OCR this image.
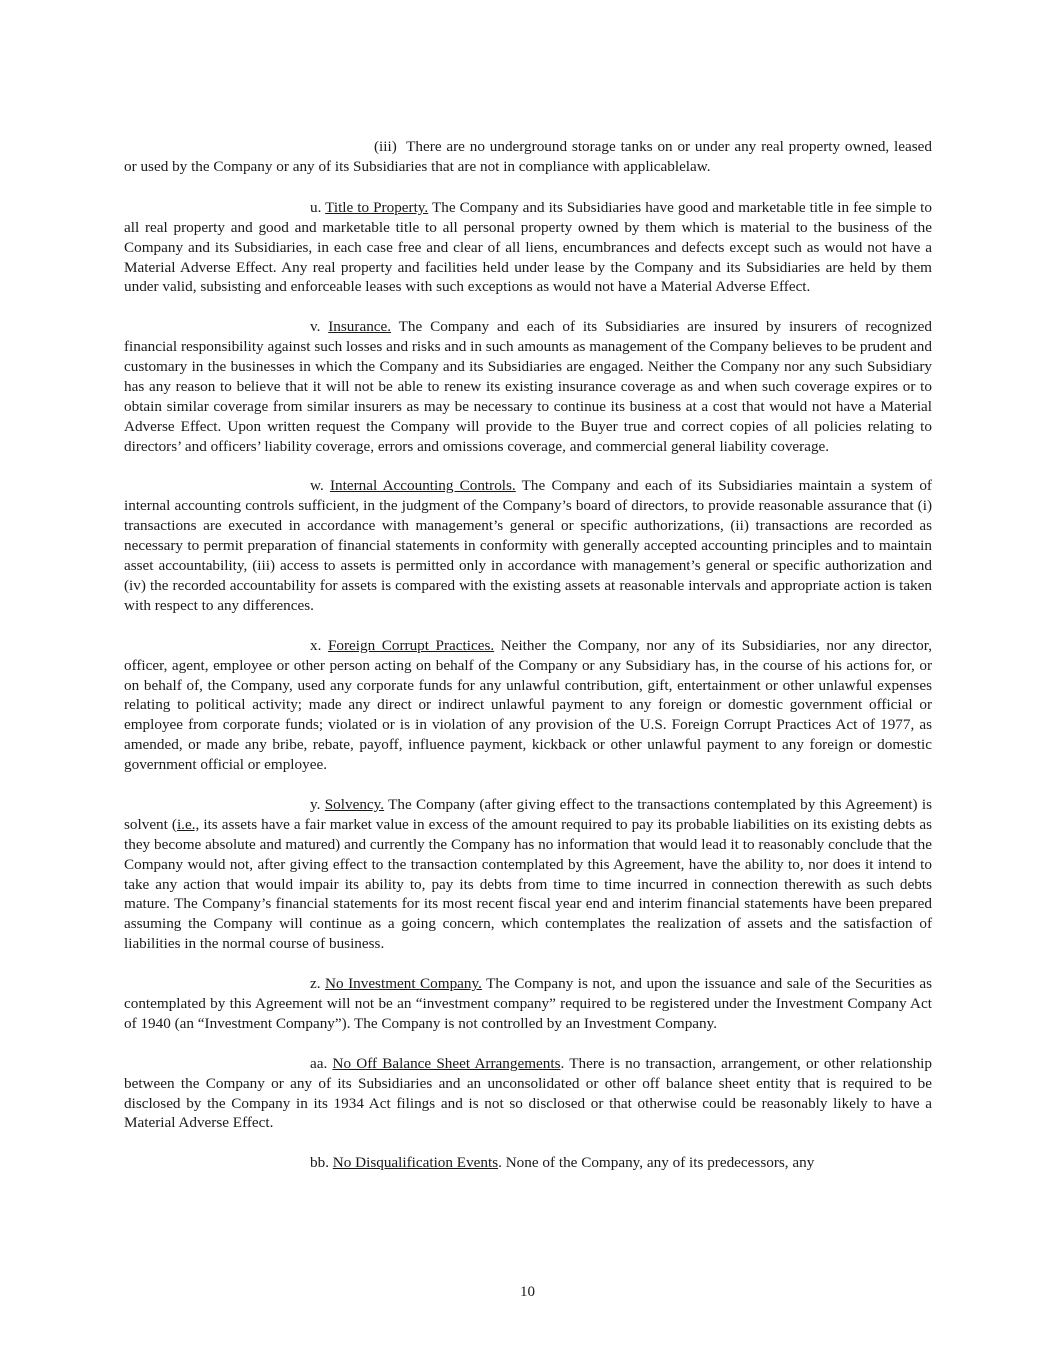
(iii) There are no underground storage tanks on or under any real property owned, leased or used by the Company or any of its Subsidiaries that are not in compliance with applicablelaw.

u. Title to Property. The Company and its Subsidiaries have good and marketable title in fee simple to all real property and good and marketable title to all personal property owned by them which is material to the business of the Company and its Subsidiaries, in each case free and clear of all liens, encumbrances and defects except such as would not have a Material Adverse Effect. Any real property and facilities held under lease by the Company and its Subsidiaries are held by them under valid, subsisting and enforceable leases with such exceptions as would not have a Material Adverse Effect.

v. Insurance. The Company and each of its Subsidiaries are insured by insurers of recognized financial responsibility against such losses and risks and in such amounts as management of the Company believes to be prudent and customary in the businesses in which the Company and its Subsidiaries are engaged. Neither the Company nor any such Subsidiary has any reason to believe that it will not be able to renew its existing insurance coverage as and when such coverage expires or to obtain similar coverage from similar insurers as may be necessary to continue its business at a cost that would not have a Material Adverse Effect. Upon written request the Company will provide to the Buyer true and correct copies of all policies relating to directors’ and officers’ liability coverage, errors and omissions coverage, and commercial general liability coverage.

w. Internal Accounting Controls. The Company and each of its Subsidiaries maintain a system of internal accounting controls sufficient, in the judgment of the Company’s board of directors, to provide reasonable assurance that (i) transactions are executed in accordance with management’s general or specific authorizations, (ii) transactions are recorded as necessary to permit preparation of financial statements in conformity with generally accepted accounting principles and to maintain asset accountability, (iii) access to assets is permitted only in accordance with management’s general or specific authorization and (iv) the recorded accountability for assets is compared with the existing assets at reasonable intervals and appropriate action is taken with respect to any differences.

x. Foreign Corrupt Practices. Neither the Company, nor any of its Subsidiaries, nor any director, officer, agent, employee or other person acting on behalf of the Company or any Subsidiary has, in the course of his actions for, or on behalf of, the Company, used any corporate funds for any unlawful contribution, gift, entertainment or other unlawful expenses relating to political activity; made any direct or indirect unlawful payment to any foreign or domestic government official or employee from corporate funds; violated or is in violation of any provision of the U.S. Foreign Corrupt Practices Act of 1977, as amended, or made any bribe, rebate, payoff, influence payment, kickback or other unlawful payment to any foreign or domestic government official or employee.

y. Solvency. The Company (after giving effect to the transactions contemplated by this Agreement) is solvent (i.e., its assets have a fair market value in excess of the amount required to pay its probable liabilities on its existing debts as they become absolute and matured) and currently the Company has no information that would lead it to reasonably conclude that the Company would not, after giving effect to the transaction contemplated by this Agreement, have the ability to, nor does it intend to take any action that would impair its ability to, pay its debts from time to time incurred in connection therewith as such debts mature. The Company’s financial statements for its most recent fiscal year end and interim financial statements have been prepared assuming the Company will continue as a going concern, which contemplates the realization of assets and the satisfaction of liabilities in the normal course of business.

z. No Investment Company. The Company is not, and upon the issuance and sale of the Securities as contemplated by this Agreement will not be an “investment company” required to be registered under the Investment Company Act of 1940 (an “Investment Company”). The Company is not controlled by an Investment Company.

aa. No Off Balance Sheet Arrangements. There is no transaction, arrangement, or other relationship between the Company or any of its Subsidiaries and an unconsolidated or other off balance sheet entity that is required to be disclosed by the Company in its 1934 Act filings and is not so disclosed or that otherwise could be reasonably likely to have a Material Adverse Effect.

bb. No Disqualification Events. None of the Company, any of its predecessors, any

10
